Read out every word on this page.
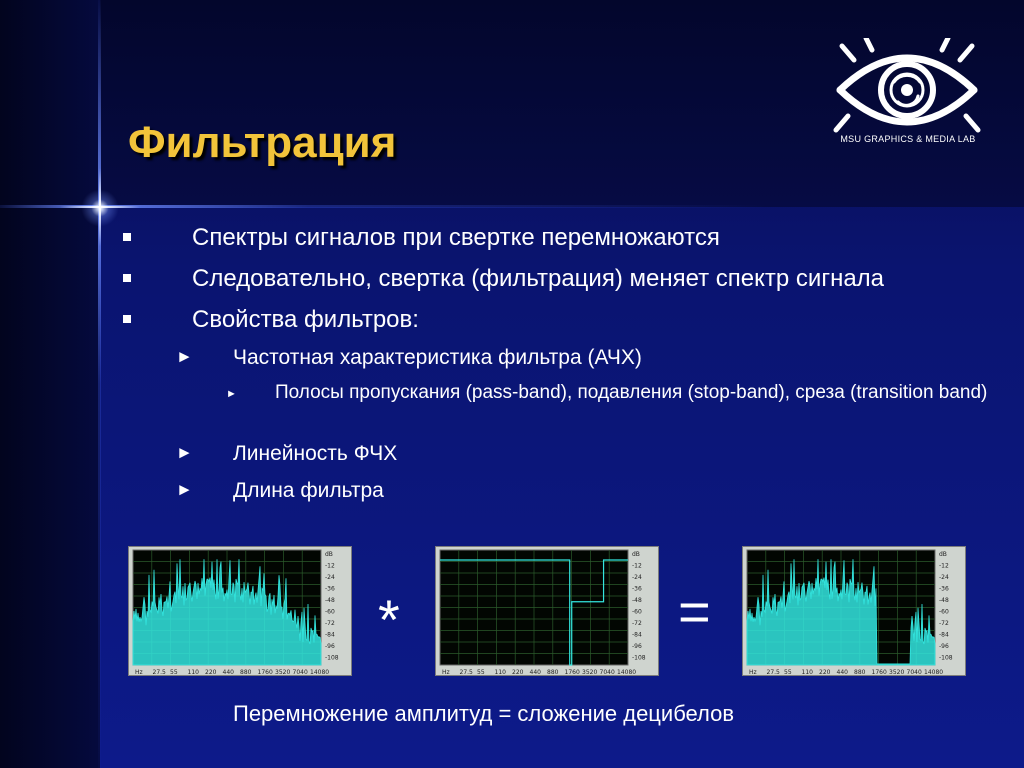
Фильтрация	MSU GRAPHICS & MEDIA LAB
Спектры сигналов при свертке перемножаются
Следовательно, свертка (фильтрация) меняет спектр сигнала
Свойства фильтров:
► Частотная характеристика фильтра (АЧХ)
► Полосы пропускания (pass-band), подавления (stop-band), среза (transition band)
► Линейность ФЧХ
► Длина фильтра
dB
-12
-24
-36
-48
-60
-72
-84
-96
-108
Hz 27.5 55 110 220 440 880 1760 3520 7040 14080
*
dB
-12
-24
-36
-48
-60
-72
-84
-96
-108
Hz 27.5 55 110 220 440 880 1760 3520 7040 14080
=
dB
-12
-24
-36
-48
-60
-72
-84
-96
-108
Hz 27.5 55 110 220 440 880 1760 3520 7040 14080
Перемножение амплитуд = сложение децибелов
